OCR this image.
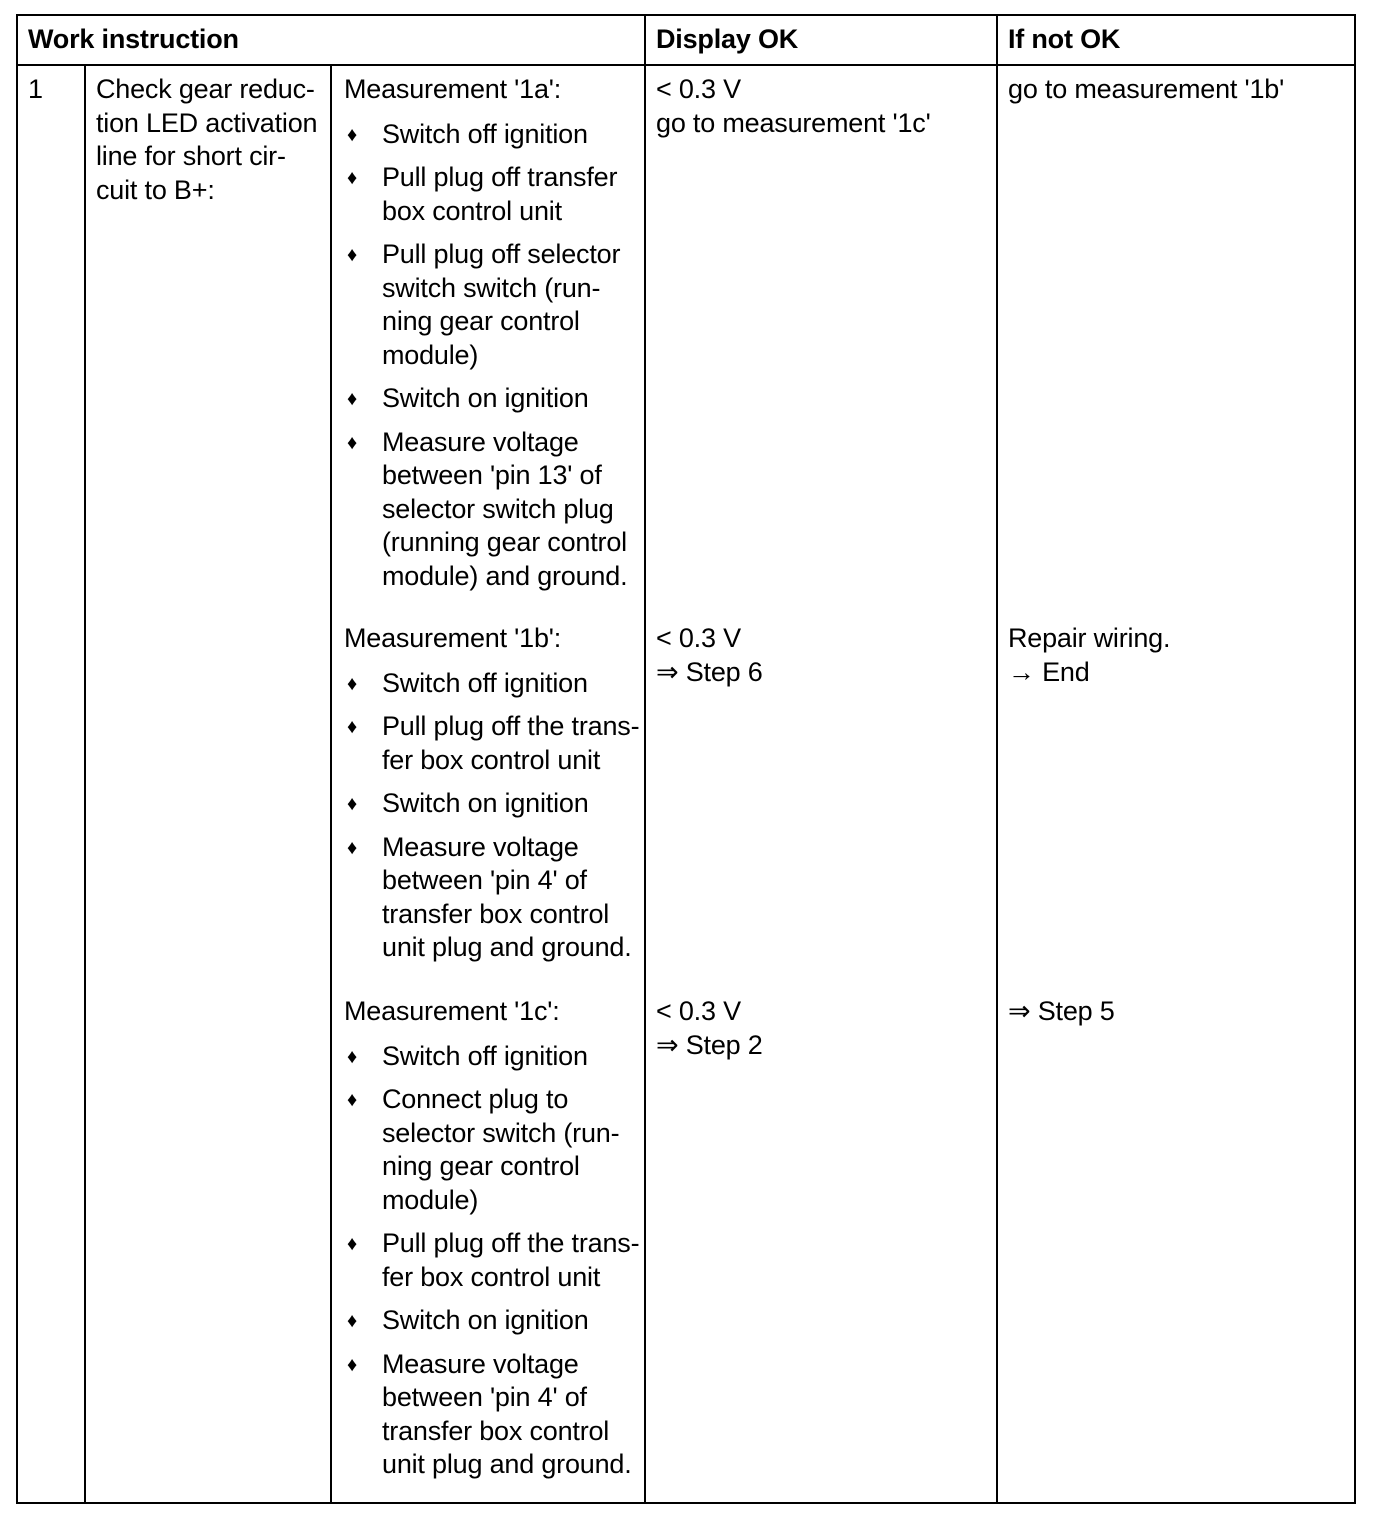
Work instruction	Display OK	If not OK
1 Check gear reduc-
tion LED activation
line for short cir-
cuit to B+:
Measurement '1a':
♦ Switch off ignition
♦ Pull plug off transfer
box control unit
♦ Pull plug off selector
switch switch (run-
ning gear control
module)
♦ Switch on ignition
♦ Measure voltage
between 'pin 13' of
selector switch plug
(running gear control
module) and ground.
Measurement '1b':
♦ Switch off ignition
♦ Pull plug off the trans-
fer box control unit
♦ Switch on ignition
♦ Measure voltage
between 'pin 4' of
transfer box control
unit plug and ground.
Measurement '1c':
♦ Switch off ignition
♦ Connect plug to
selector switch (run-
ning gear control
module)
♦ Pull plug off the trans-
fer box control unit
♦ Switch on ignition
♦ Measure voltage
between 'pin 4' of
transfer box control
unit plug and ground.
< 0.3 V
go to measurement '1c'
< 0.3 V
⇒ Step 6
< 0.3 V
⇒ Step 2
go to measurement '1b'
Repair wiring.
→ End
⇒ Step 5
